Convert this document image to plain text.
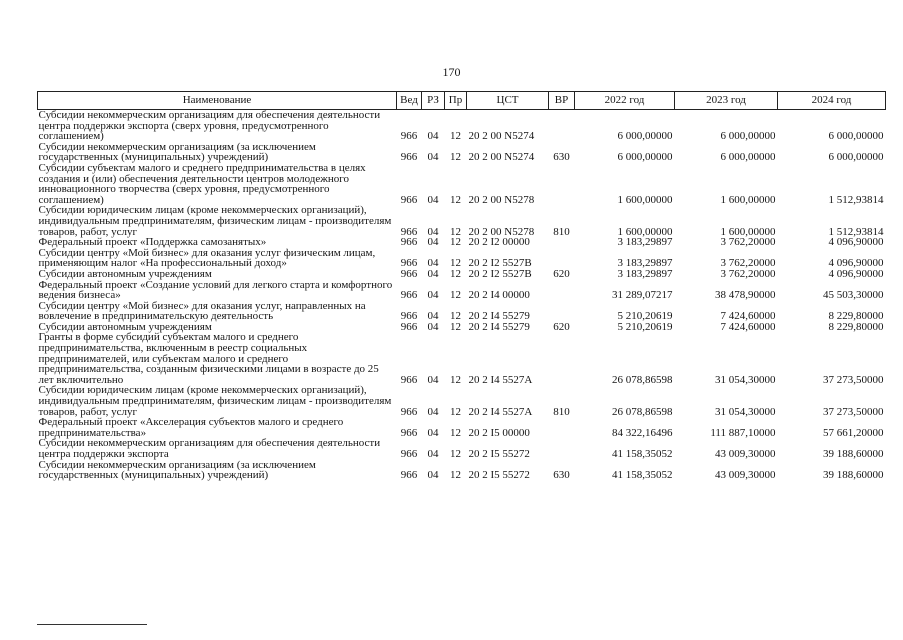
170
Наименование	Вед	РЗ	Пр	ЦСТ	ВР	2022 год	2023 год	2024 год
Субсидии некоммерческим организациям для обеспечения деятельности центра поддержки экспорта (сверх уровня, предусмотренного соглашением)	966	04	12	20 2 00 N5274		6 000,00000	6 000,00000	6 000,00000
Субсидии некоммерческим организациям (за исключением государственных (муниципальных) учреждений)	966	04	12	20 2 00 N5274	630	6 000,00000	6 000,00000	6 000,00000
Субсидии субъектам малого и среднего предпринимательства в целях создания и (или) обеспечения деятельности центров молодежного инновационного творчества (сверх уровня, предусмотренного соглашением)	966	04	12	20 2 00 N5278		1 600,00000	1 600,00000	1 512,93814
Субсидии юридическим лицам (кроме некоммерческих организаций), индивидуальным предпринимателям, физическим лицам - производителям товаров, работ, услуг	966	04	12	20 2 00 N5278	810	1 600,00000	1 600,00000	1 512,93814
Федеральный проект «Поддержка самозанятых»	966	04	12	20 2 I2 00000		3 183,29897	3 762,20000	4 096,90000
Субсидии центру «Мой бизнес» для оказания услуг физическим лицам, применяющим налог «На профессиональный доход»	966	04	12	20 2 I2 5527В		3 183,29897	3 762,20000	4 096,90000
Субсидии автономным учреждениям	966	04	12	20 2 I2 5527В	620	3 183,29897	3 762,20000	4 096,90000
Федеральный проект «Создание условий для легкого старта и комфортного ведения бизнеса»	966	04	12	20 2 I4 00000		31 289,07217	38 478,90000	45 503,30000
Субсидии центру «Мой бизнес» для оказания услуг, направленных на вовлечение в предпринимательскую деятельность	966	04	12	20 2 I4 55279		5 210,20619	7 424,60000	8 229,80000
Субсидии автономным учреждениям	966	04	12	20 2 I4 55279	620	5 210,20619	7 424,60000	8 229,80000
Гранты в форме субсидий субъектам малого и среднего предпринимательства, включенным в реестр социальных предпринимателей, или субъектам малого и среднего предпринимательства, созданным физическими лицами в возрасте до 25 лет включительно	966	04	12	20 2 I4 5527А		26 078,86598	31 054,30000	37 273,50000
Субсидии юридическим лицам (кроме некоммерческих организаций), индивидуальным предпринимателям, физическим лицам - производителям товаров, работ, услуг	966	04	12	20 2 I4 5527А	810	26 078,86598	31 054,30000	37 273,50000
Федеральный проект «Акселерация субъектов малого и среднего предпринимательства»	966	04	12	20 2 I5 00000		84 322,16496	111 887,10000	57 661,20000
Субсидии некоммерческим организациям для обеспечения деятельности центра поддержки экспорта	966	04	12	20 2 I5 55272		41 158,35052	43 009,30000	39 188,60000
Субсидии некоммерческим организациям (за исключением государственных (муниципальных) учреждений)	966	04	12	20 2 I5 55272	630	41 158,35052	43 009,30000	39 188,60000
